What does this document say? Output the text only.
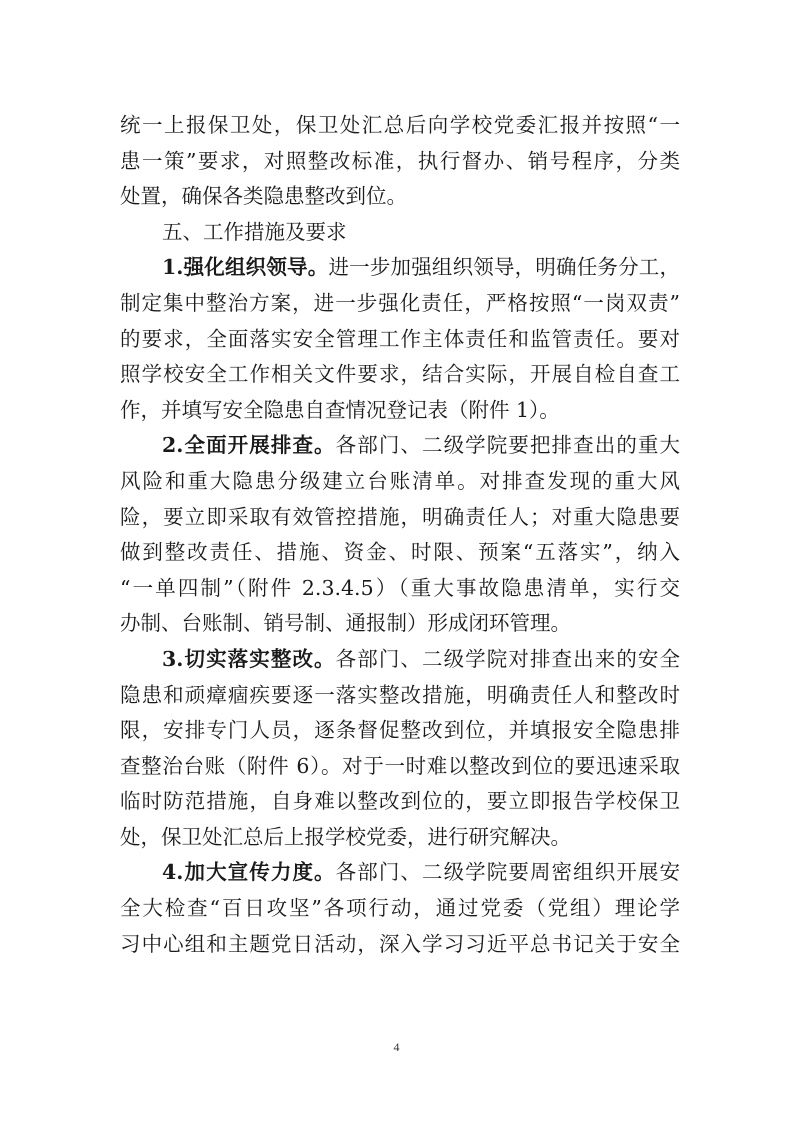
统一上报保卫处，保卫处汇总后向学校党委汇报并按照“一
患一策”要求，对照整改标准，执行督办、销号程序，分类
处置，确保各类隐患整改到位。
五、工作措施及要求
1.强化组织领导。进一步加强组织领导，明确任务分工，
制定集中整治方案，进一步强化责任，严格按照“一岗双责”
的要求，全面落实安全管理工作主体责任和监管责任。要对
照学校安全工作相关文件要求，结合实际，开展自检自查工
作，并填写安全隐患自查情况登记表（附件 1）。
2.全面开展排查。各部门、二级学院要把排查出的重大
风险和重大隐患分级建立台账清单。对排查发现的重大风
险，要立即采取有效管控措施，明确责任人；对重大隐患要
做到整改责任、措施、资金、时限、预案“五落实”，纳入
“一单四制”（附件 2.3.4.5）（重大事故隐患清单，实行交
办制、台账制、销号制、通报制）形成闭环管理。
3.切实落实整改。各部门、二级学院对排查出来的安全
隐患和顽瘴痼疾要逐一落实整改措施，明确责任人和整改时
限，安排专门人员，逐条督促整改到位，并填报安全隐患排
查整治台账（附件 6）。对于一时难以整改到位的要迅速采取
临时防范措施，自身难以整改到位的，要立即报告学校保卫
处，保卫处汇总后上报学校党委，进行研究解决。
4.加大宣传力度。各部门、二级学院要周密组织开展安
全大检查“百日攻坚”各项行动，通过党委（党组）理论学
习中心组和主题党日活动，深入学习习近平总书记关于安全
4
